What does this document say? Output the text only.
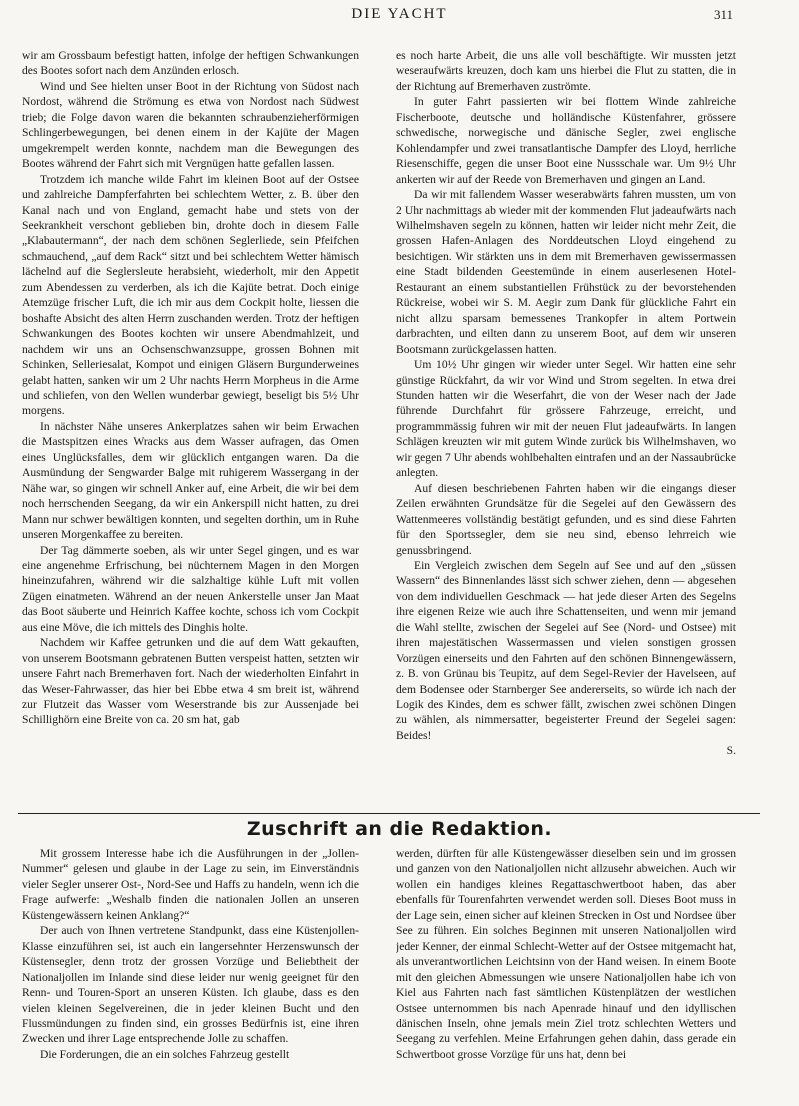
DIE YACHT	311

wir am Grossbaum befestigt hatten, infolge der heftigen Schwankungen des Bootes sofort nach dem Anzünden erlosch.

Wind und See hielten unser Boot in der Richtung von Südost nach Nordost, während die Strömung es etwa von Nordost nach Südwest trieb; die Folge davon waren die bekannten schraubenzieherförmigen Schlingerbewegungen, bei denen einem in der Kajüte der Magen umgekrempelt werden konnte, nachdem man die Bewegungen des Bootes während der Fahrt sich mit Vergnügen hatte gefallen lassen.

Trotzdem ich manche wilde Fahrt im kleinen Boot auf der Ostsee und zahlreiche Dampferfahrten bei schlechtem Wetter, z. B. über den Kanal nach und von England, gemacht habe und stets von der Seekrankheit verschont geblieben bin, drohte doch in diesem Falle „Klabautermann“, der nach dem schönen Seglerliede, sein Pfeifchen schmauchend, „auf dem Rack“ sitzt und bei schlechtem Wetter hämisch lächelnd auf die Seglersleute herabsieht, wiederholt, mir den Appetit zum Abendessen zu verderben, als ich die Kajüte betrat. Doch einige Atemzüge frischer Luft, die ich mir aus dem Cockpit holte, liessen die boshafte Absicht des alten Herrn zuschanden werden. Trotz der heftigen Schwankungen des Bootes kochten wir unsere Abendmahlzeit, und nachdem wir uns an Ochsenschwanzsuppe, grossen Bohnen mit Schinken, Selleriesalat, Kompot und einigen Gläsern Burgunderweines gelabt hatten, sanken wir um 2 Uhr nachts Herrn Morpheus in die Arme und schliefen, von den Wellen wunderbar gewiegt, beseligt bis 5½ Uhr morgens.

In nächster Nähe unseres Ankerplatzes sahen wir beim Erwachen die Mastspitzen eines Wracks aus dem Wasser aufragen, das Omen eines Unglücksfalles, dem wir glücklich entgangen waren. Da die Ausmündung der Sengwarder Balge mit ruhigerem Wassergang in der Nähe war, so gingen wir schnell Anker auf, eine Arbeit, die wir bei dem noch herrschenden Seegang, da wir ein Ankerspill nicht hatten, zu drei Mann nur schwer bewältigen konnten, und segelten dorthin, um in Ruhe unseren Morgenkaffee zu bereiten.

Der Tag dämmerte soeben, als wir unter Segel gingen, und es war eine angenehme Erfrischung, bei nüchternem Magen in den Morgen hineinzufahren, während wir die salzhaltige kühle Luft mit vollen Zügen einatmeten. Während an der neuen Ankerstelle unser Jan Maat das Boot säuberte und Heinrich Kaffee kochte, schoss ich vom Cockpit aus eine Möve, die ich mittels des Dinghis holte.

Nachdem wir Kaffee getrunken und die auf dem Watt gekauften, von unserem Bootsmann gebratenen Butten verspeist hatten, setzten wir unsere Fahrt nach Bremerhaven fort. Nach der wiederholten Einfahrt in das Weser-Fahrwasser, das hier bei Ebbe etwa 4 sm breit ist, während zur Flutzeit das Wasser vom Weserstrande bis zur Aussenjade bei Schillighörn eine Breite von ca. 20 sm hat, gab

es noch harte Arbeit, die uns alle voll beschäftigte. Wir mussten jetzt weseraufwärts kreuzen, doch kam uns hierbei die Flut zu statten, die in der Richtung auf Bremerhaven zuströmte.

In guter Fahrt passierten wir bei flottem Winde zahlreiche Fischerboote, deutsche und holländische Küstenfahrer, grössere schwedische, norwegische und dänische Segler, zwei englische Kohlendampfer und zwei transatlantische Dampfer des Lloyd, herrliche Riesenschiffe, gegen die unser Boot eine Nussschale war. Um 9½ Uhr ankerten wir auf der Reede von Bremerhaven und gingen an Land.

Da wir mit fallendem Wasser weserabwärts fahren mussten, um von 2 Uhr nachmittags ab wieder mit der kommenden Flut jadeaufwärts nach Wilhelmshaven segeln zu können, hatten wir leider nicht mehr Zeit, die grossen Hafen-Anlagen des Norddeutschen Lloyd eingehend zu besichtigen. Wir stärkten uns in dem mit Bremerhaven gewissermassen eine Stadt bildenden Geestemünde in einem auserlesenen Hotel-Restaurant an einem substantiellen Frühstück zu der bevorstehenden Rückreise, wobei wir S. M. Aegir zum Dank für glückliche Fahrt ein nicht allzu sparsam bemessenes Trankopfer in altem Portwein darbrachten, und eilten dann zu unserem Boot, auf dem wir unseren Bootsmann zurückgelassen hatten.

Um 10½ Uhr gingen wir wieder unter Segel. Wir hatten eine sehr günstige Rückfahrt, da wir vor Wind und Strom segelten. In etwa drei Stunden hatten wir die Weserfahrt, die von der Weser nach der Jade führende Durchfahrt für grössere Fahrzeuge, erreicht, und programmmässig fuhren wir mit der neuen Flut jadeaufwärts. In langen Schlägen kreuzten wir mit gutem Winde zurück bis Wilhelmshaven, wo wir gegen 7 Uhr abends wohlbehalten eintrafen und an der Nassaubrücke anlegten.

Auf diesen beschriebenen Fahrten haben wir die eingangs dieser Zeilen erwähnten Grundsätze für die Segelei auf den Gewässern des Wattenmeeres vollständig bestätigt gefunden, und es sind diese Fahrten für den Sportssegler, dem sie neu sind, ebenso lehrreich wie genussbringend.

Ein Vergleich zwischen dem Segeln auf See und auf den „süssen Wassern“ des Binnenlandes lässt sich schwer ziehen, denn — abgesehen von dem individuellen Geschmack — hat jede dieser Arten des Segelns ihre eigenen Reize wie auch ihre Schattenseiten, und wenn mir jemand die Wahl stellte, zwischen der Segelei auf See (Nord- und Ostsee) mit ihren majestätischen Wassermassen und vielen sonstigen grossen Vorzügen einerseits und den Fahrten auf den schönen Binnengewässern, z. B. von Grünau bis Teupitz, auf dem Segel-Revier der Havelseen, auf dem Bodensee oder Starnberger See andererseits, so würde ich nach der Logik des Kindes, dem es schwer fällt, zwischen zwei schönen Dingen zu wählen, als nimmersatter, begeisterter Freund der Segelei sagen: Beides!

S.

Zuschrift an die Redaktion.

Mit grossem Interesse habe ich die Ausführungen in der „Jollen-Nummer“ gelesen und glaube in der Lage zu sein, im Einverständnis vieler Segler unserer Ost-, Nord-See und Haffs zu handeln, wenn ich die Frage aufwerfe: „Weshalb finden die nationalen Jollen an unseren Küstengewässern keinen Anklang?“

Der auch von Ihnen vertretene Standpunkt, dass eine Küstenjollen-Klasse einzuführen sei, ist auch ein langersehnter Herzenswunsch der Küstensegler, denn trotz der grossen Vorzüge und Beliebtheit der Nationaljollen im Inlande sind diese leider nur wenig geeignet für den Renn- und Touren-Sport an unseren Küsten. Ich glaube, dass es den vielen kleinen Segelvereinen, die in jeder kleinen Bucht und den Flussmündungen zu finden sind, ein grosses Bedürfnis ist, eine ihren Zwecken und ihrer Lage entsprechende Jolle zu schaffen.

Die Forderungen, die an ein solches Fahrzeug gestellt

werden, dürften für alle Küstengewässer dieselben sein und im grossen und ganzen von den Nationaljollen nicht allzusehr abweichen. Auch wir wollen ein handiges kleines Regattaschwertboot haben, das aber ebenfalls für Tourenfahrten verwendet werden soll. Dieses Boot muss in der Lage sein, einen sicher auf kleinen Strecken in Ost und Nordsee über See zu führen. Ein solches Beginnen mit unseren Nationaljollen wird jeder Kenner, der einmal Schlecht-Wetter auf der Ostsee mitgemacht hat, als unverantwortlichen Leichtsinn von der Hand weisen. In einem Boote mit den gleichen Abmessungen wie unsere Nationaljollen habe ich von Kiel aus Fahrten nach fast sämtlichen Küstenplätzen der westlichen Ostsee unternommen bis nach Apenrade hinauf und den idyllischen dänischen Inseln, ohne jemals mein Ziel trotz schlechten Wetters und Seegang zu verfehlen. Meine Erfahrungen gehen dahin, dass gerade ein Schwertboot grosse Vorzüge für uns hat, denn bei
